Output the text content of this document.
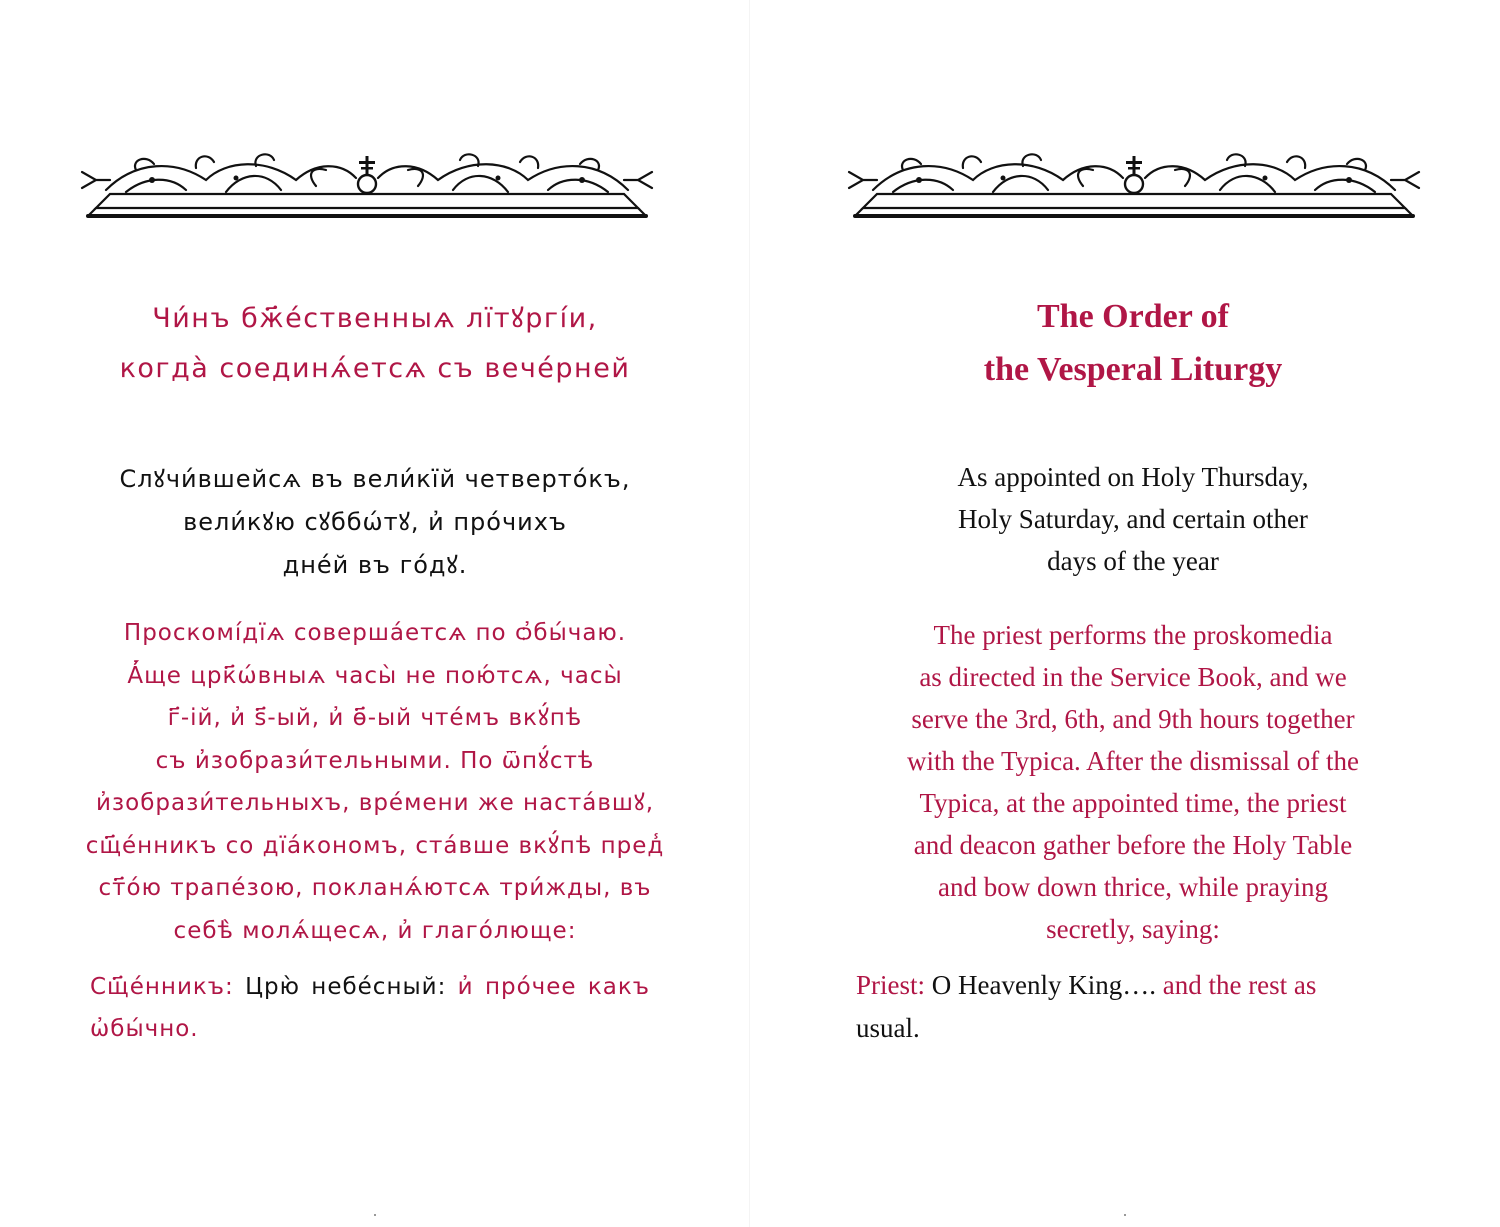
Чи́нъ бж҃е́ственныѧ лїтꙋргі́и,
когда̀ соединѧ́етсѧ съ вече́рней
Слꙋчи́вшейсѧ въ вели́кїй четверто́къ,
вели́кꙋю сꙋббѡ́тꙋ, и҆ про́чихъ
дне́й въ го́дꙋ.
Проскомі́дїѧ соверша́етсѧ по ѻ҆бы́чаю.
А҆́ще црк҃ѡ́вныѧ часы̀ не пою́тсѧ, часы̀
г҃-ій, и҆ ѕ҃-ый, и҆ ѳ҃-ый чте́мъ вкꙋ́пѣ
съ и҆зобрази́тельными. По ѿпꙋ́стѣ
и҆зобрази́тельныхъ, вре́мени же наста́вшꙋ,
сщ҃е́нникъ со дїа́кономъ, ста́вше вкꙋ́пѣ пред̾
ст҃о́ю трапе́зою, покланѧ́ютсѧ три́жды, въ
себѣ̀ молѧ́щесѧ, и҆ глаго́люще:
Сщ҃е́нникъ: Црю̀ небе́сный: и҆ про́чее какъ ѡ҆бы́чно.
The Order of
the Vesperal Liturgy
As appointed on Holy Thursday,
Holy Saturday, and certain other
days of the year
The priest performs the proskomedia
as directed in the Service Book, and we
serve the 3rd, 6th, and 9th hours together
with the Typica. After the dismissal of the
Typica, at the appointed time, the priest
and deacon gather before the Holy Table
and bow down thrice, while praying
secretly, saying:
Priest: O Heavenly King…. and the rest as
usual.
